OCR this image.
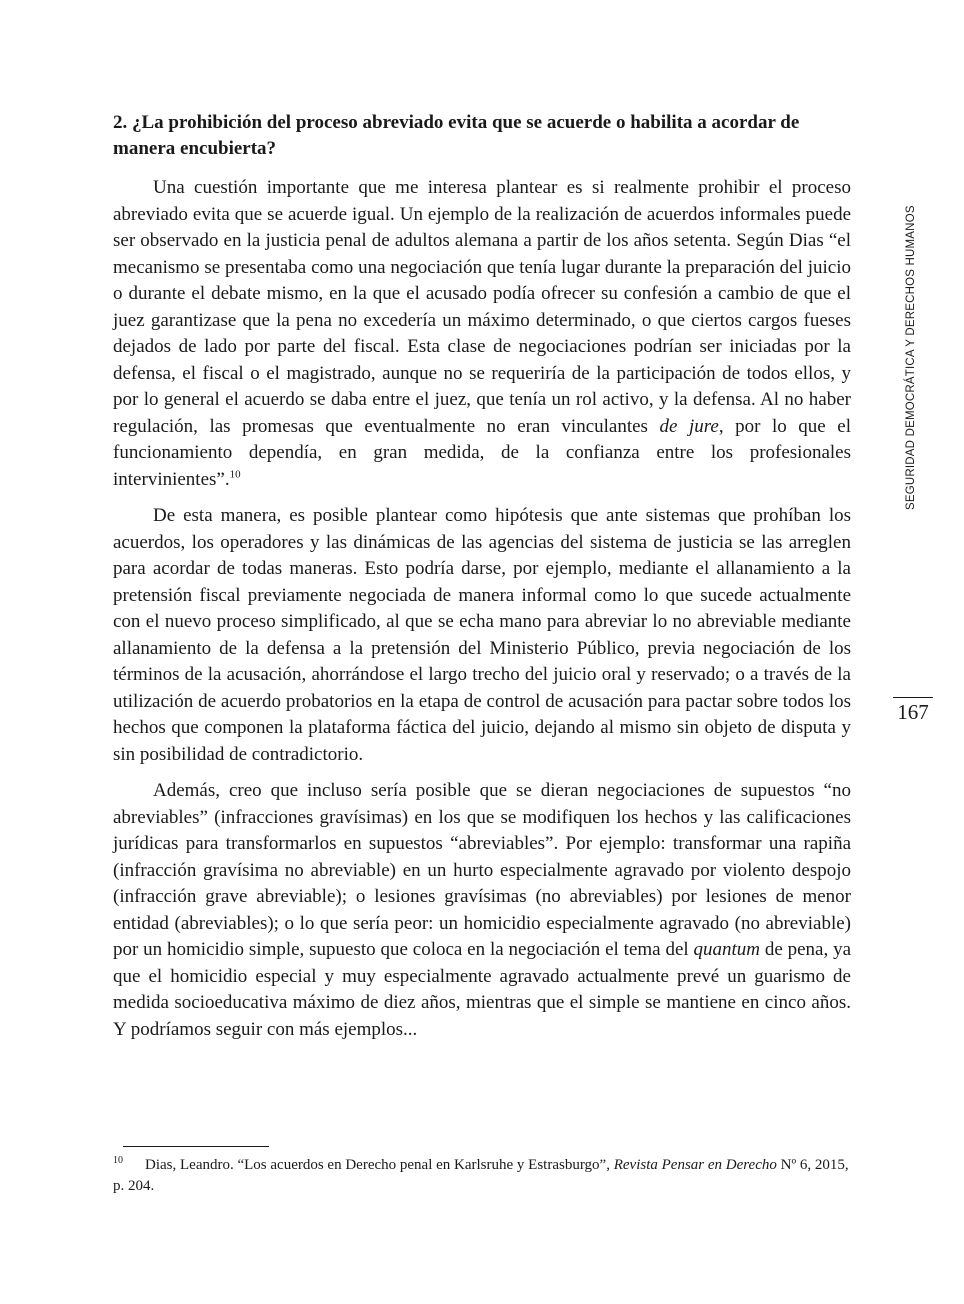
2. ¿La prohibición del proceso abreviado evita que se acuerde o habilita a acordar de manera encubierta?

Una cuestión importante que me interesa plantear es si realmente prohibir el proceso abreviado evita que se acuerde igual. Un ejemplo de la realización de acuerdos informales puede ser observado en la justicia penal de adultos alemana a partir de los años setenta. Según Dias “el mecanismo se presentaba como una negociación que tenía lugar durante la preparación del juicio o durante el debate mismo, en la que el acusado podía ofrecer su confesión a cambio de que el juez garantizase que la pena no excedería un máximo determinado, o que ciertos cargos fueses dejados de lado por parte del fiscal. Esta clase de negociaciones podrían ser iniciadas por la defensa, el fiscal o el magistrado, aunque no se requeriría de la participación de todos ellos, y por lo general el acuerdo se daba entre el juez, que tenía un rol activo, y la defensa. Al no haber regulación, las promesas que eventualmente no eran vinculantes de jure, por lo que el funcionamiento dependía, en gran medida, de la confianza entre los profesionales intervinientes”.$^{10}$

De esta manera, es posible plantear como hipótesis que ante sistemas que prohíban los acuerdos, los operadores y las dinámicas de las agencias del sistema de justicia se las arreglen para acordar de todas maneras. Esto podría darse, por ejemplo, mediante el allanamiento a la pretensión fiscal previamente negociada de manera informal como lo que sucede actualmente con el nuevo proceso simplificado, al que se echa mano para abreviar lo no abreviable mediante allanamiento de la defensa a la pretensión del Ministerio Público, previa negociación de los términos de la acusación, ahorrándose el largo trecho del juicio oral y reservado; o a través de la utilización de acuerdo probatorios en la etapa de control de acusación para pactar sobre todos los hechos que componen la plataforma fáctica del juicio, dejando al mismo sin objeto de disputa y sin posibilidad de contradictorio.

Además, creo que incluso sería posible que se dieran negociaciones de supuestos “no abreviables” (infracciones gravísimas) en los que se modifiquen los hechos y las calificaciones jurídicas para transformarlos en supuestos “abreviables”. Por ejemplo: transformar una rapiña (infracción gravísima no abreviable) en un hurto especialmente agravado por violento despojo (infracción grave abreviable); o lesiones gravísimas (no abreviables) por lesiones de menor entidad (abreviables); o lo que sería peor: un homicidio especialmente agravado (no abreviable) por un homicidio simple, supuesto que coloca en la negociación el tema del quantum de pena, ya que el homicidio especial y muy especialmente agravado actualmente prevé un guarismo de medida socioeducativa máximo de diez años, mientras que el simple se mantiene en cinco años. Y podríamos seguir con más ejemplos...

SEGURIDAD DEMOCRÁTICA Y DERECHOS HUMANOS
167
10 Dias, Leandro. “Los acuerdos en Derecho penal en Karlsruhe y Estrasburgo”, Revista Pensar en Derecho Nº 6, 2015, p. 204.
